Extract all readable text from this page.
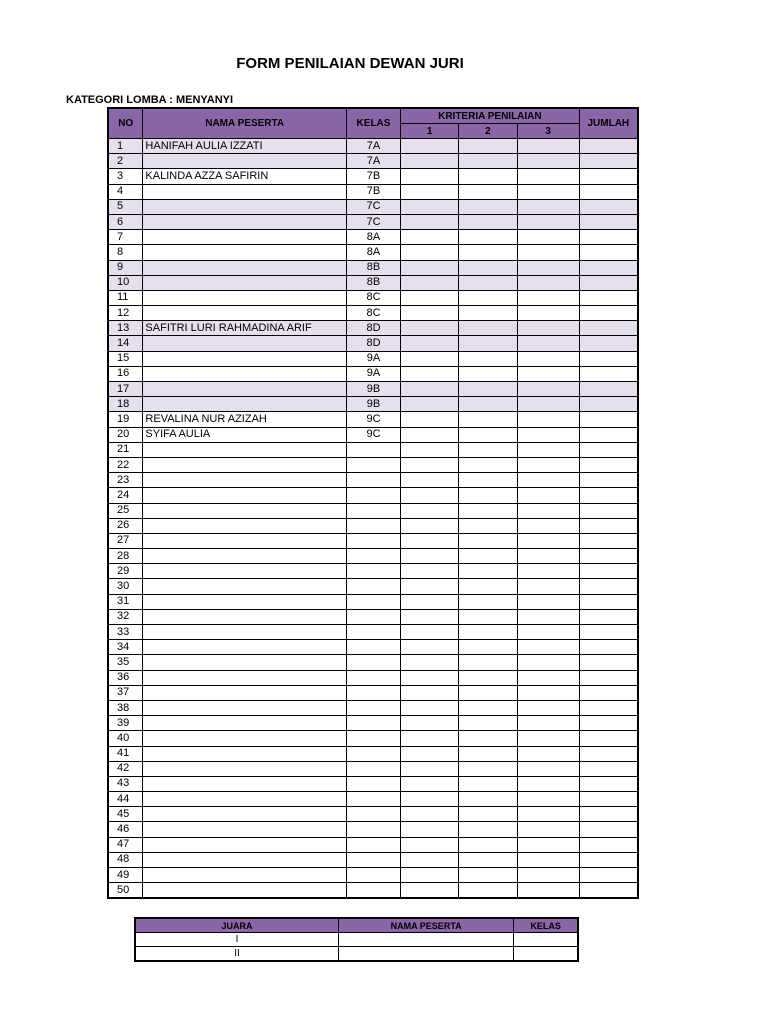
FORM PENILAIAN DEWAN JURI
KATEGORI LOMBA : MENYANYI
NO	NAMA PESERTA	KELAS	KRITERIA PENILAIAN			JUMLAH
			1	2	3	
1	HANIFAH AULIA IZZATI	7A				
2		7A				
3	KALINDA AZZA SAFIRIN	7B				
4		7B				
5		7C				
6		7C				
7		8A				
8		8A				
9		8B				
10		8B				
11		8C				
12		8C				
13	SAFITRI LURI RAHMADINA ARIF	8D				
14		8D				
15		9A				
16		9A				
17		9B				
18		9B				
19	REVALINA NUR AZIZAH	9C				
20	SYIFA AULIA	9C				
21						
22						
23						
24						
25						
26						
27						
28						
29						
30						
31						
32						
33						
34						
35						
36						
37						
38						
39						
40						
41						
42						
43						
44						
45						
46						
47						
48						
49						
50						
JUARA	NAMA PESERTA	KELAS
I		
II		
